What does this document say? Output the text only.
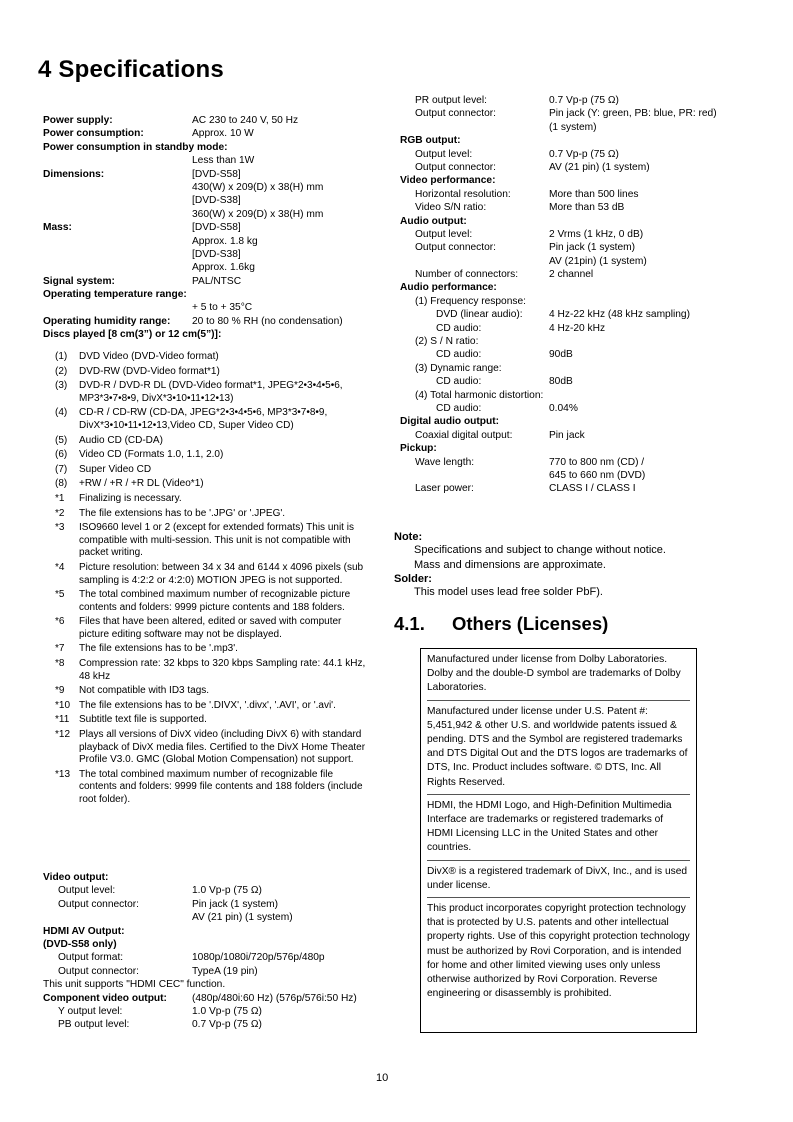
4 Specifications
Power supply:	AC 230 to 240 V, 50 Hz
Power consumption:	Approx. 10 W
Power consumption in standby mode:
Less than 1W
Dimensions:	[DVD-S58]
430(W) x 209(D) x 38(H) mm
[DVD-S38]
360(W) x 209(D) x 38(H) mm
Mass:	[DVD-S58]
Approx. 1.8 kg
[DVD-S38]
Approx. 1.6kg
Signal system:	PAL/NTSC
Operating temperature range:
+ 5 to + 35°C
Operating humidity range: 20 to 80 % RH (no condensation)
Discs played [8 cm(3”) or 12 cm(5”)]:
(1) DVD Video (DVD-Video format)
(2) DVD-RW (DVD-Video format*1)
(3) DVD-R / DVD-R DL (DVD-Video format*1, JPEG*2•3•4•5•6, MP3*3•7•8•9, DivX*3•10•11•12•13)
(4) CD-R / CD-RW (CD-DA, JPEG*2•3•4•5•6, MP3*3•7•8•9, DivX*3•10•11•12•13,Video CD, Super Video CD)
(5) Audio CD (CD-DA)
(6) Video CD (Formats 1.0, 1.1, 2.0)
(7) Super Video CD
(8) +RW / +R / +R DL (Video*1)
*1 Finalizing is necessary.
*2 The file extensions has to be '.JPG' or '.JPEG'.
*3 ISO9660 level 1 or 2 (except for extended formats) This unit is compatible with multi-session. This unit is not compatible with packet writing.
*4 Picture resolution: between 34 x 34 and 6144 x 4096 pixels (sub sampling is 4:2:2 or 4:2:0) MOTION JPEG is not supported.
*5 The total combined maximum number of recognizable picture contents and folders: 9999 picture contents and 188 folders.
*6 Files that have been altered, edited or saved with computer picture editing software may not be displayed.
*7 The file extensions has to be '.mp3'.
*8 Compression rate: 32 kbps to 320 kbps Sampling rate: 44.1 kHz, 48 kHz
*9 Not compatible with ID3 tags.
*10 The file extensions has to be '.DIVX', '.divx', '.AVI', or '.avi'.
*11 Subtitle text file is supported.
*12 Plays all versions of DivX video (including DivX 6) with standard playback of DivX media files. Certified to the DivX Home Theater Profile V3.0. GMC (Global Motion Compensation) not support.
*13 The total combined maximum number of recognizable file contents and folders: 9999 file contents and 188 folders (include root folder).
Video output:
Output level:	1.0 Vp-p (75 Ω)
Output connector:	Pin jack (1 system)
AV (21 pin) (1 system)
HDMI AV Output:
(DVD-S58 only)
Output format:	1080p/1080i/720p/576p/480p
Output connector:	TypeA (19 pin)
This unit supports "HDMI CEC" function.
Component video output: (480p/480i:60 Hz) (576p/576i:50 Hz)
Y output level:	1.0 Vp-p (75 Ω)
PB output level:	0.7 Vp-p (75 Ω)
PR output level:	0.7 Vp-p (75 Ω)
Output connector:	Pin jack (Y: green, PB: blue, PR: red)
(1 system)
RGB output:
Output level:	0.7 Vp-p (75 Ω)
Output connector:	AV (21 pin) (1 system)
Video performance:
Horizontal resolution:	More than 500 lines
Video S/N ratio:	More than 53 dB
Audio output:
Output level:	2 Vrms (1 kHz, 0 dB)
Output connector:	Pin jack (1 system)
AV (21pin) (1 system)
Number of connectors:	2 channel
Audio performance:
(1) Frequency response:
DVD (linear audio):	4 Hz-22 kHz (48 kHz sampling)
CD audio:	4 Hz-20 kHz
(2) S / N ratio:
CD audio:	90dB
(3) Dynamic range:
CD audio:	80dB
(4) Total harmonic distortion:
CD audio:	0.04%
Digital audio output:
Coaxial digital output:	Pin jack
Pickup:
Wave length:	770 to 800 nm (CD) /
645 to 660 nm (DVD)
Laser power:	CLASS I / CLASS I
Note:
Specifications and subject to change without notice.
Mass and dimensions are approximate.
Solder:
This model uses lead free solder PbF).
4.1. Others (Licenses)

Manufactured under license from Dolby Laboratories. Dolby and the double-D symbol are trademarks of Dolby Laboratories.

Manufactured under license under U.S. Patent #: 5,451,942 & other U.S. and worldwide patents issued & pending. DTS and the Symbol are registered trademarks and DTS Digital Out and the DTS logos are trademarks of DTS, Inc. Product includes software. © DTS, Inc. All Rights Reserved.

HDMI, the HDMI Logo, and High-Definition Multimedia Interface are trademarks or registered trademarks of HDMI Licensing LLC in the United States and other countries.

DivX® is a registered trademark of DivX, Inc., and is used under license.

This product incorporates copyright protection technology that is protected by U.S. patents and other intellectual property rights. Use of this copyright protection technology must be authorized by Rovi Corporation, and is intended for home and other limited viewing uses only unless otherwise authorized by Rovi Corporation. Reverse engineering or disassembly is prohibited.

10
